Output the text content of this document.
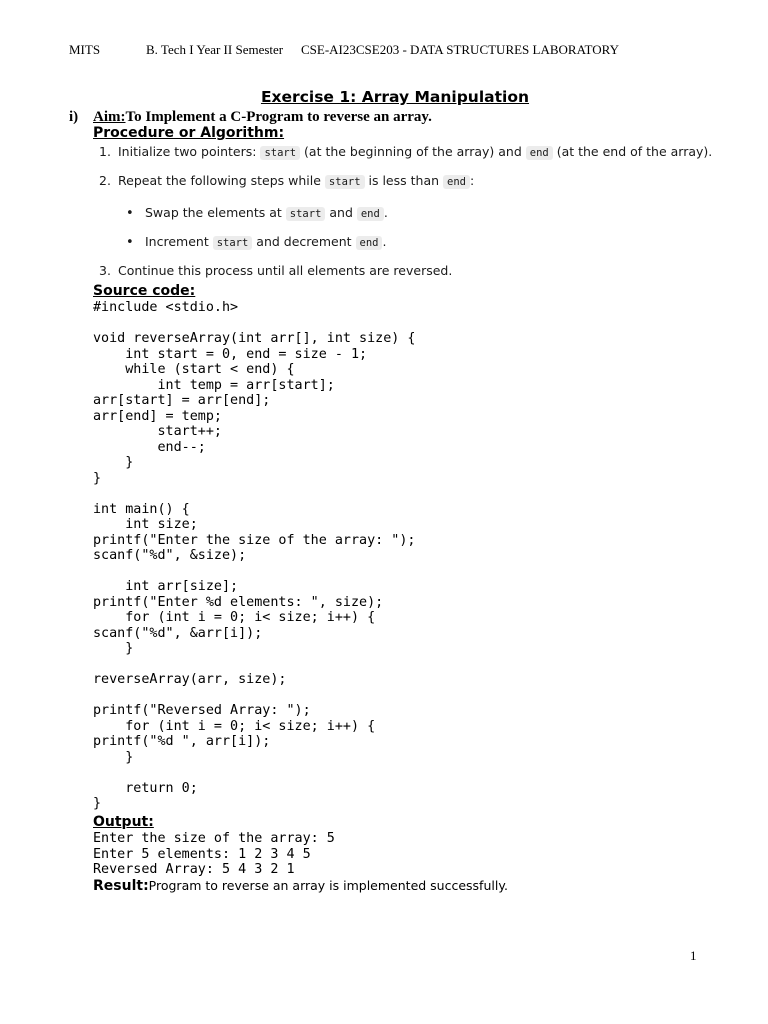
MITS	B. Tech I Year II Semester CSE-AI23CSE203 - DATA STRUCTURES LABORATORY
Exercise 1: Array Manipulation
i) Aim:To Implement a C-Program to reverse an array.
Procedure or Algorithm:
1. Initialize two pointers: start (at the beginning of the array) and end (at the end of the array).
2. Repeat the following steps while start is less than end :
• Swap the elements at start and end .
• Increment start and decrement end .
3. Continue this process until all elements are reversed.
Source code:
#include <stdio.h>

void reverseArray(int arr[], int size) {
int start = 0, end = size - 1;
while (start < end) {
int temp = arr[start];
arr[start] = arr[end];
arr[end] = temp;
start++;
end--;
}
}

int main() {
int size;
printf("Enter the size of the array: ");
scanf("%d", &size);

int arr[size];
printf("Enter %d elements: ", size);
for (int i = 0; i< size; i++) {
scanf("%d", &arr[i]);
}

reverseArray(arr, size);

printf("Reversed Array: ");
for (int i = 0; i< size; i++) {
printf("%d ", arr[i]);
}

return 0;
}
Output:
Enter the size of the array: 5
Enter 5 elements: 1 2 3 4 5
Reversed Array: 5 4 3 2 1
Result:Program to reverse an array is implemented successfully.
1
